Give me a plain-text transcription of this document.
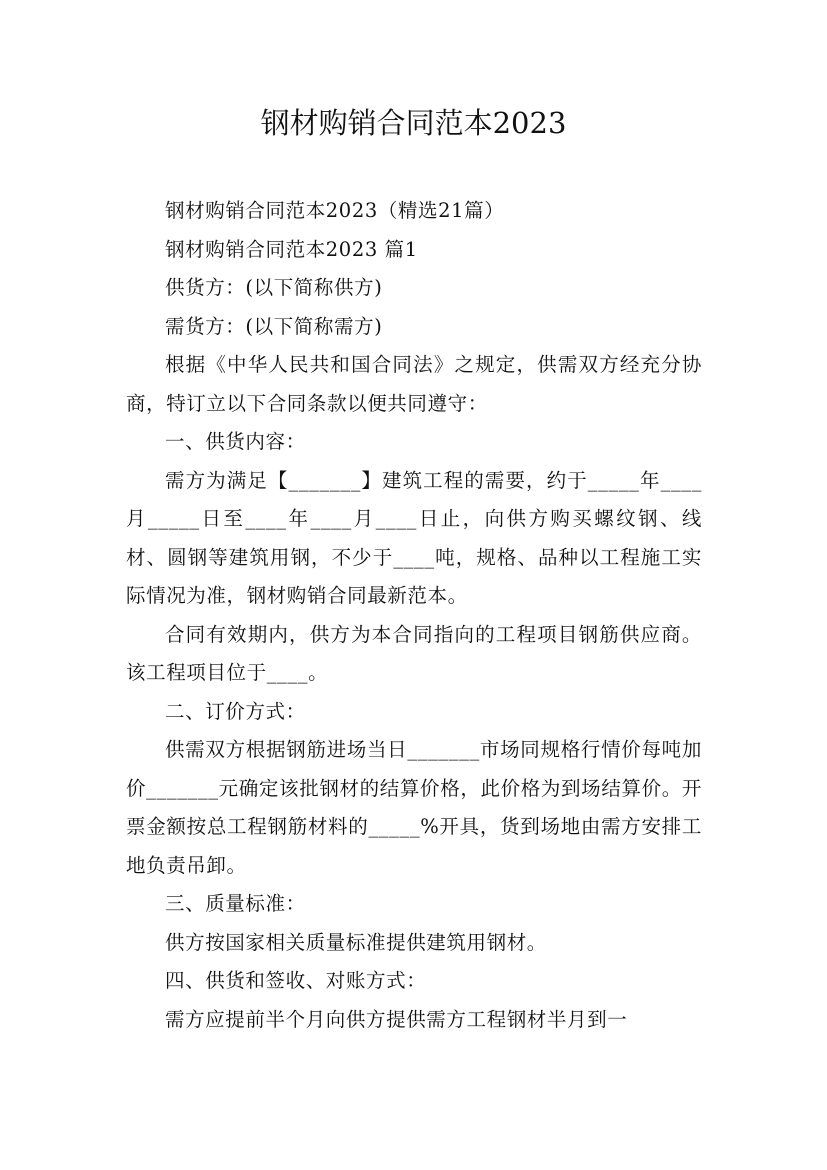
钢材购销合同范本2023

钢材购销合同范本2023（精选21篇）

钢材购销合同范本2023 篇1

供货方：(以下简称供方)

需货方：(以下简称需方)

根据《中华人民共和国合同法》之规定，供需双方经充分协商，特订立以下合同条款以便共同遵守：

一、供货内容：

需方为满足【_______】建筑工程的需要，约于_____年____月_____日至____年____月____日止，向供方购买螺纹钢、线材、圆钢等建筑用钢，不少于____吨，规格、品种以工程施工实际情况为准，钢材购销合同最新范本。

合同有效期内，供方为本合同指向的工程项目钢筋供应商。该工程项目位于____。

二、订价方式：

供需双方根据钢筋进场当日_______市场同规格行情价每吨加价_______元确定该批钢材的结算价格，此价格为到场结算价。开票金额按总工程钢筋材料的_____%开具，货到场地由需方安排工地负责吊卸。

三、质量标准：

供方按国家相关质量标准提供建筑用钢材。

四、供货和签收、对账方式：

需方应提前半个月向供方提供需方工程钢材半月到一
